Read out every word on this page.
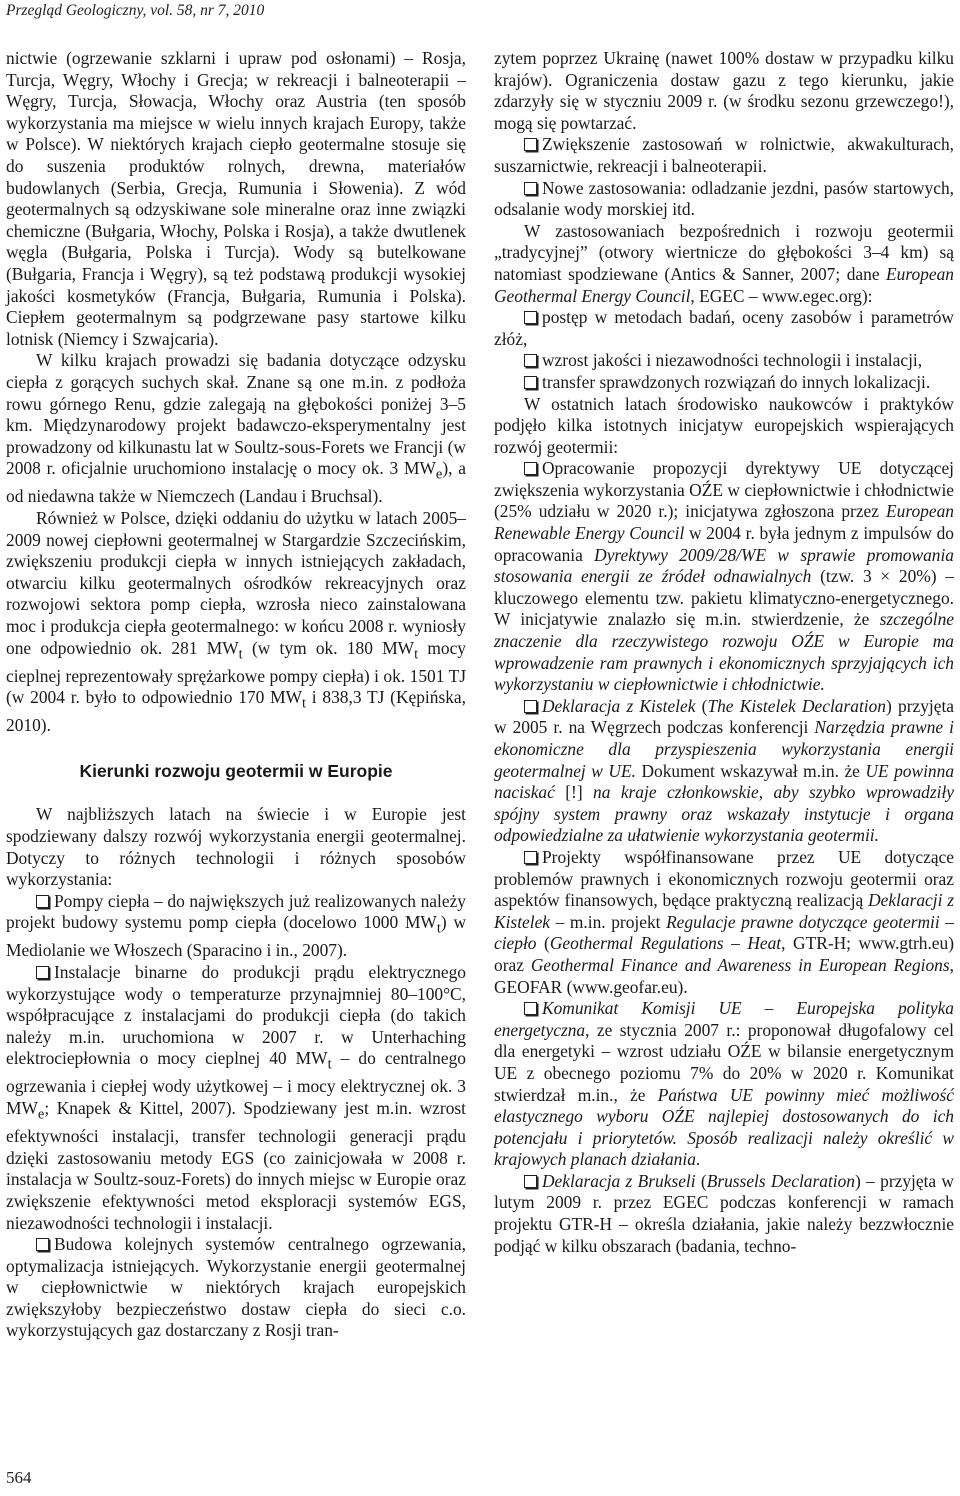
Przegląd Geologiczny, vol. 58, nr 7, 2010

nictwie (ogrzewanie szklarni i upraw pod osłonami) – Rosja, Turcja, Węgry, Włochy i Grecja; w rekreacji i balneoterapii – Węgry, Turcja, Słowacja, Włochy oraz Austria (ten sposób wykorzystania ma miejsce w wielu innych krajach Europy, także w Polsce). W niektórych krajach ciepło geotermalne stosuje się do suszenia produktów rolnych, drewna, materiałów budowlanych (Serbia, Grecja, Rumunia i Słowenia). Z wód geotermalnych są odzyskiwane sole mineralne oraz inne związki chemiczne (Bułgaria, Włochy, Polska i Rosja), a także dwutlenek węgla (Bułgaria, Polska i Turcja). Wody są butelkowane (Bułgaria, Francja i Węgry), są też podstawą produkcji wysokiej jakości kosmetyków (Francja, Bułgaria, Rumunia i Polska). Ciepłem geotermalnym są podgrzewane pasy startowe kilku lotnisk (Niemcy i Szwajcaria).

W kilku krajach prowadzi się badania dotyczące odzysku ciepła z gorących suchych skał. Znane są one m.in. z podłoża rowu górnego Renu, gdzie zalegają na głębokości poniżej 3–5 km. Międzynarodowy projekt badawczo-eksperymentalny jest prowadzony od kilkunastu lat w Soultz-sous-Forets we Francji (w 2008 r. oficjalnie uruchomiono instalację o mocy ok. 3 $MW_e$), a od niedawna także w Niemczech (Landau i Bruchsal).

Również w Polsce, dzięki oddaniu do użytku w latach 2005–2009 nowej ciepłowni geotermalnej w Stargardzie Szczecińskim, zwiększeniu produkcji ciepła w innych istniejących zakładach, otwarciu kilku geotermalnych ośrodków rekreacyjnych oraz rozwojowi sektora pomp ciepła, wzrosła nieco zainstalowana moc i produkcja ciepła geotermalnego: w końcu 2008 r. wyniosły one odpowiednio ok. 281 $MW_t$ (w tym ok. 180 $MW_t$ mocy cieplnej reprezentowały sprężarkowe pompy ciepła) i ok. 1501 TJ (w 2004 r. było to odpowiednio 170 $MW_t$ i 838,3 TJ (Kępińska, 2010).

Kierunki rozwoju geotermii w Europie

W najbliższych latach na świecie i w Europie jest spodziewany dalszy rozwój wykorzystania energii geotermalnej. Dotyczy to różnych technologii i różnych sposobów wykorzystania:

Pompy ciepła – do największych już realizowanych należy projekt budowy systemu pomp ciepła (docelowo 1000 $MW_t$) w Mediolanie we Włoszech (Sparacino i in., 2007).

Instalacje binarne do produkcji prądu elektrycznego wykorzystujące wody o temperaturze przynajmniej 80–100°C, współpracujące z instalacjami do produkcji ciepła (do takich należy m.in. uruchomiona w 2007 r. w Unterhaching elektrociepłownia o mocy cieplnej 40 $MW_t$ – do centralnego ogrzewania i ciepłej wody użytkowej – i mocy elektrycznej ok. 3 $MW_e$; Knapek & Kittel, 2007). Spodziewany jest m.in. wzrost efektywności instalacji, transfer technologii generacji prądu dzięki zastosowaniu metody EGS (co zainicjowała w 2008 r. instalacja w Soultz-souz-Forets) do innych miejsc w Europie oraz zwiększenie efektywności metod eksploracji systemów EGS, niezawodności technologii i instalacji.

Budowa kolejnych systemów centralnego ogrzewania, optymalizacja istniejących. Wykorzystanie energii geotermalnej w ciepłownictwie w niektórych krajach europejskich zwiększyłoby bezpieczeństwo dostaw ciepła do sieci c.o. wykorzystujących gaz dostarczany z Rosji tran-

zytem poprzez Ukrainę (nawet 100% dostaw w przypadku kilku krajów). Ograniczenia dostaw gazu z tego kierunku, jakie zdarzyły się w styczniu 2009 r. (w środku sezonu grzewczego!), mogą się powtarzać.

Zwiększenie zastosowań w rolnictwie, akwakulturach, suszarnictwie, rekreacji i balneoterapii.

Nowe zastosowania: odladzanie jezdni, pasów startowych, odsalanie wody morskiej itd.

W zastosowaniach bezpośrednich i rozwoju geotermii „tradycyjnej” (otwory wiertnicze do głębokości 3–4 km) są natomiast spodziewane (Antics & Sanner, 2007; dane European Geothermal Energy Council, EGEC – www.egec.org):

postęp w metodach badań, oceny zasobów i parametrów złóż,

wzrost jakości i niezawodności technologii i instalacji,

transfer sprawdzonych rozwiązań do innych lokalizacji.

W ostatnich latach środowisko naukowców i praktyków podjęło kilka istotnych inicjatyw europejskich wspierających rozwój geotermii:

Opracowanie propozycji dyrektywy UE dotyczącej zwiększenia wykorzystania OŹE w ciepłownictwie i chłodnictwie (25% udziału w 2020 r.); inicjatywa zgłoszona przez European Renewable Energy Council w 2004 r. była jednym z impulsów do opracowania Dyrektywy 2009/28/WE w sprawie promowania stosowania energii ze źródeł odnawialnych (tzw. 3 × 20%) – kluczowego elementu tzw. pakietu klimatyczno-energetycznego. W inicjatywie znalazło się m.in. stwierdzenie, że szczególne znaczenie dla rzeczywistego rozwoju OŹE w Europie ma wprowadzenie ram prawnych i ekonomicznych sprzyjających ich wykorzystaniu w ciepłownictwie i chłodnictwie.

Deklaracja z Kistelek (The Kistelek Declaration) przyjęta w 2005 r. na Węgrzech podczas konferencji Narzędzia prawne i ekonomiczne dla przyspieszenia wykorzystania energii geotermalnej w UE. Dokument wskazywał m.in. że UE powinna naciskać [!] na kraje członkowskie, aby szybko wprowadziły spójny system prawny oraz wskazały instytucje i organa odpowiedzialne za ułatwienie wykorzystania geotermii.

Projekty współfinansowane przez UE dotyczące problemów prawnych i ekonomicznych rozwoju geotermii oraz aspektów finansowych, będące praktyczną realizacją Deklaracji z Kistelek – m.in. projekt Regulacje prawne dotyczące geotermii – ciepło (Geothermal Regulations – Heat, GTR-H; www.gtrh.eu) oraz Geothermal Finance and Awareness in European Regions, GEOFAR (www.geofar.eu).

Komunikat Komisji UE – Europejska polityka energetyczna, ze stycznia 2007 r.: proponował długofalowy cel dla energetyki – wzrost udziału OŹE w bilansie energetycznym UE z obecnego poziomu 7% do 20% w 2020 r. Komunikat stwierdzał m.in., że Państwa UE powinny mieć możliwość elastycznego wyboru OŹE najlepiej dostosowanych do ich potencjału i priorytetów. Sposób realizacji należy określić w krajowych planach działania.

Deklaracja z Brukseli (Brussels Declaration) – przyjęta w lutym 2009 r. przez EGEC podczas konferencji w ramach projektu GTR-H – określa działania, jakie należy bezzwłocznie podjąć w kilku obszarach (badania, techno-

564
